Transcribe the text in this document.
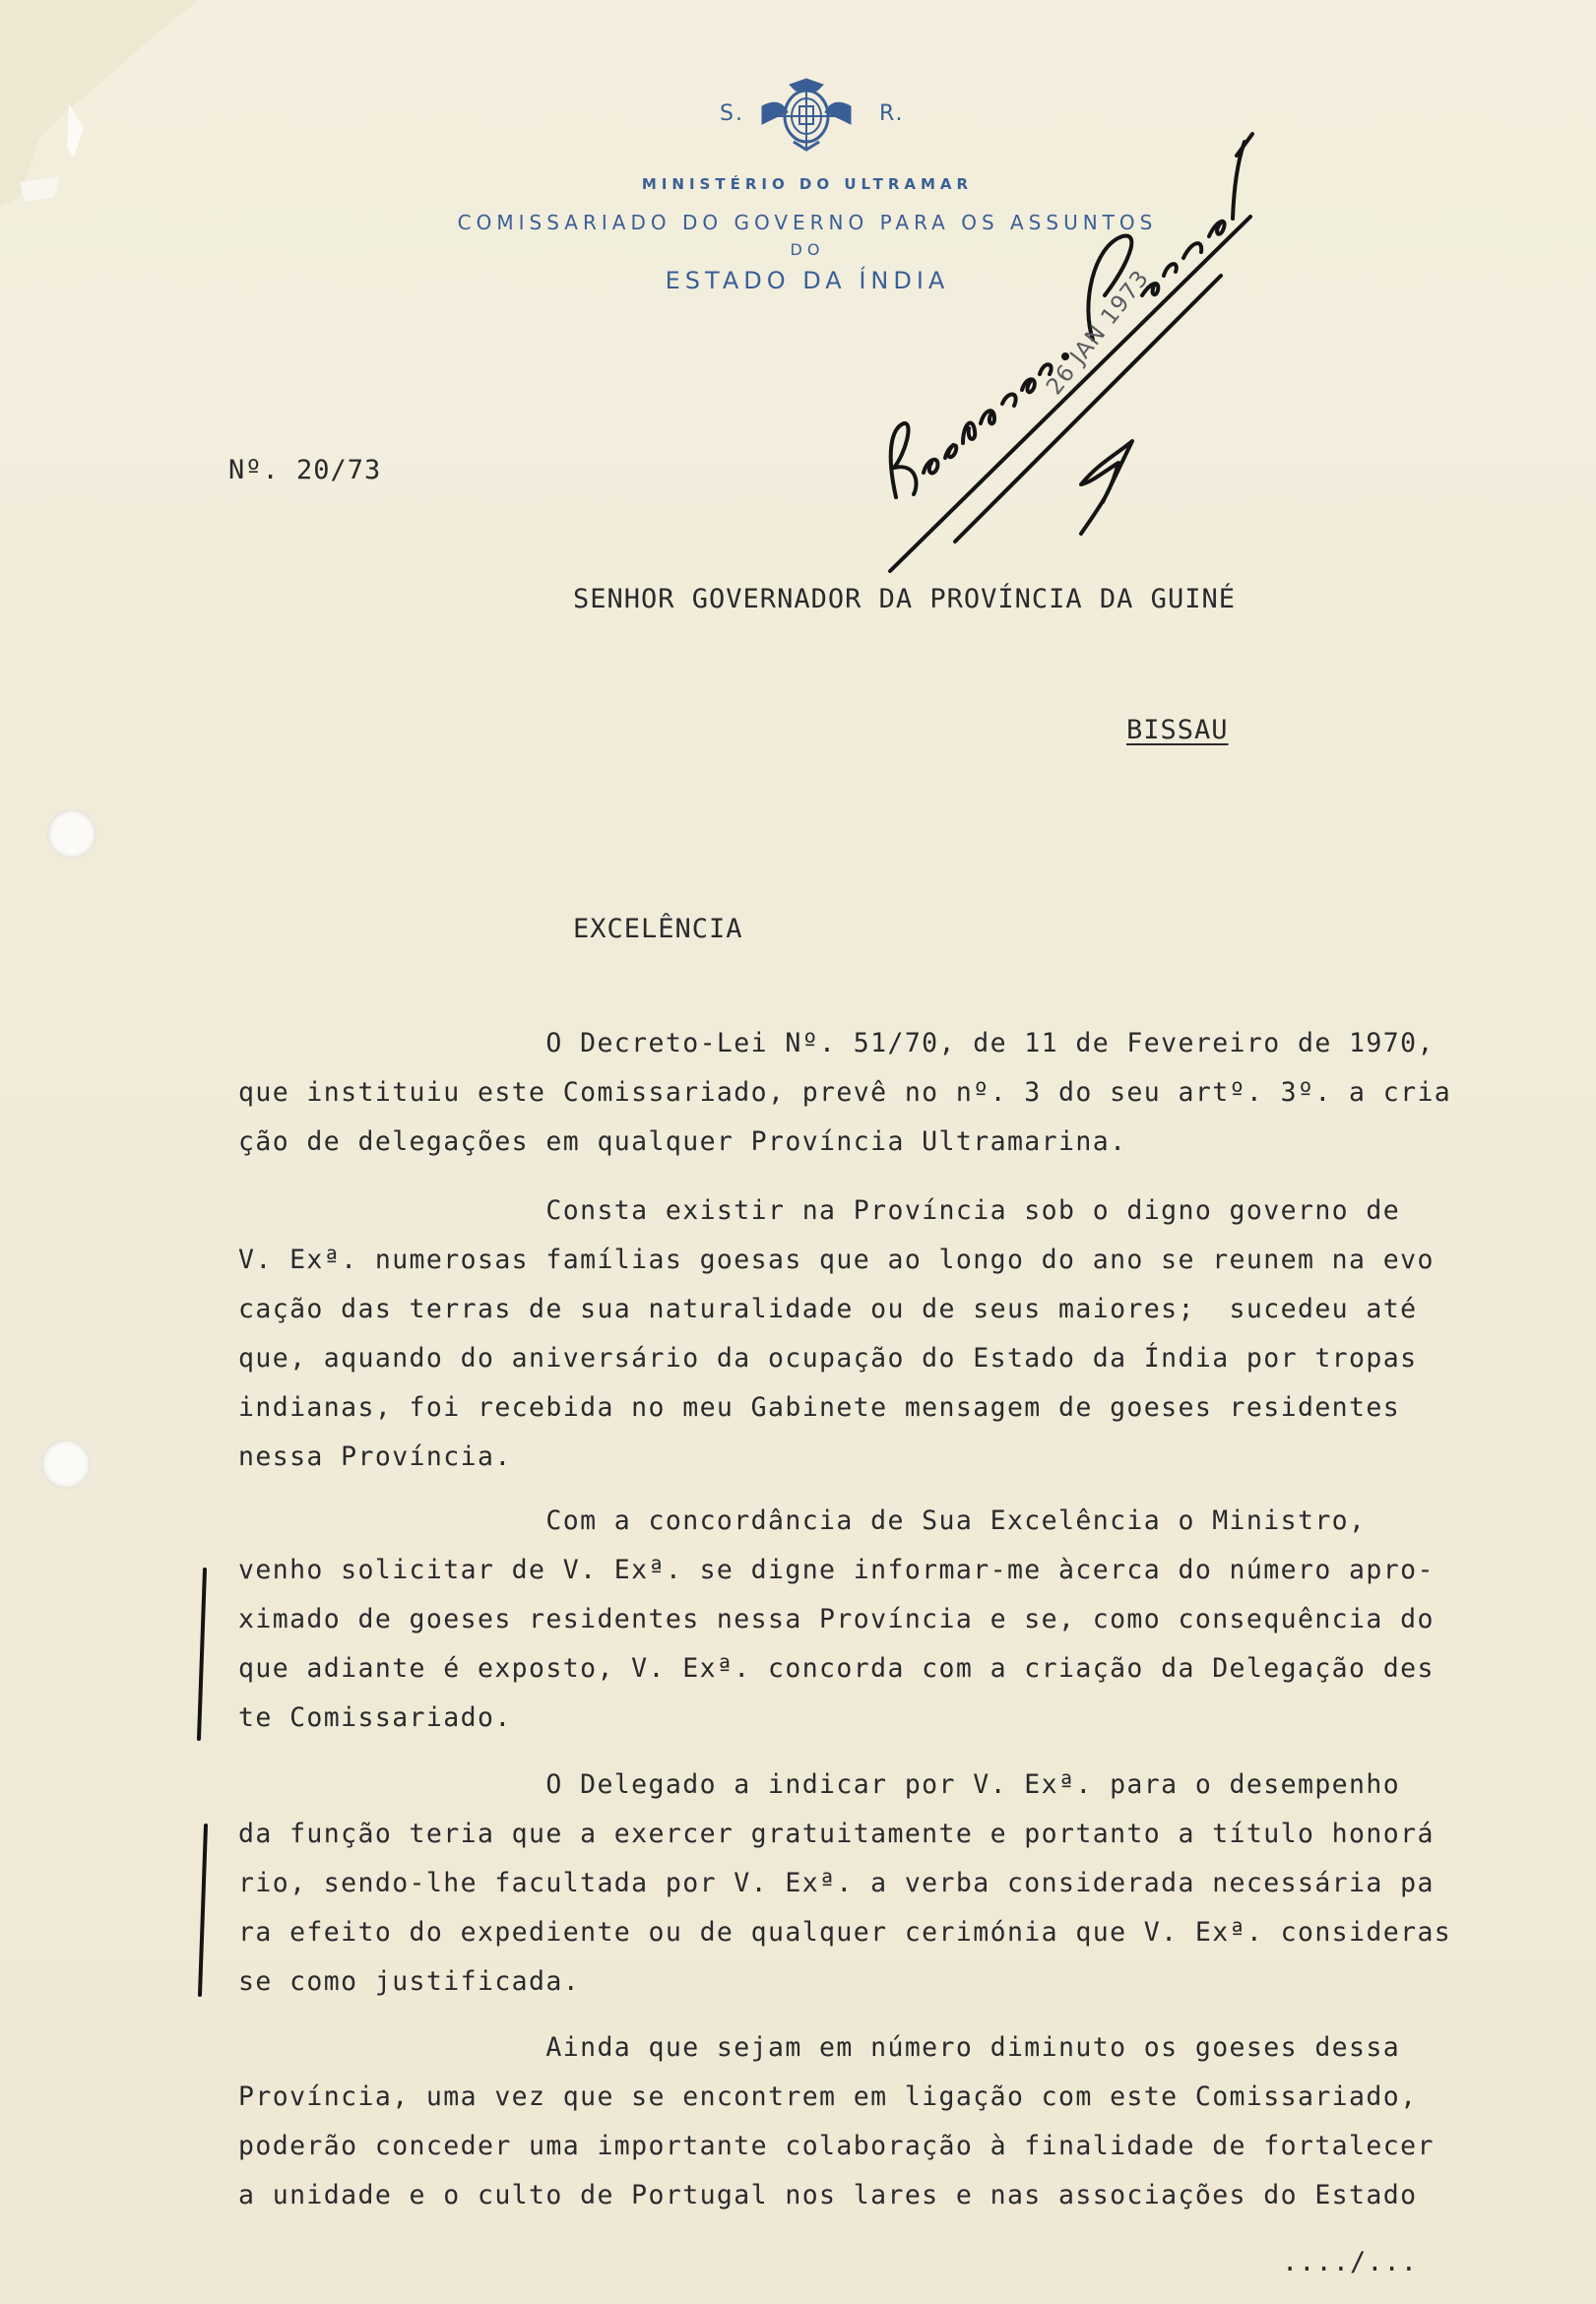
S.	R.
MINISTÉRIO DO ULTRAMAR
COMISSARIADO DO GOVERNO PARA OS ASSUNTOS
DO
ESTADO DA ÍNDIA	26 JAN 1973
Nº. 20/73
SENHOR GOVERNADOR DA PROVÍNCIA DA GUINÉ
BISSAU
EXCELÊNCIA
O Decreto-Lei Nº. 51/70, de 11 de Fevereiro de 1970,
que instituiu este Comissariado, prevê no nº. 3 do seu artº. 3º. a cria
ção de delegações em qualquer Província Ultramarina.
Consta existir na Província sob o digno governo de
V. Exª. numerosas famílias goesas que ao longo do ano se reunem na evo
cação das terras de sua naturalidade ou de seus maiores;  sucedeu até
que, aquando do aniversário da ocupação do Estado da Índia por tropas
indianas, foi recebida no meu Gabinete mensagem de goeses residentes
nessa Província.
Com a concordância de Sua Excelência o Ministro,
venho solicitar de V. Exª. se digne informar-me àcerca do número apro-
ximado de goeses residentes nessa Província e se, como consequência do
que adiante é exposto, V. Exª. concorda com a criação da Delegação des
te Comissariado.
O Delegado a indicar por V. Exª. para o desempenho
da função teria que a exercer gratuitamente e portanto a título honorá
rio, sendo-lhe facultada por V. Exª. a verba considerada necessária pa
ra efeito do expediente ou de qualquer cerimónia que V. Exª. consideras
se como justificada.
Ainda que sejam em número diminuto os goeses dessa
Província, uma vez que se encontrem em ligação com este Comissariado,
poderão conceder uma importante colaboração à finalidade de fortalecer
a unidade e o culto de Portugal nos lares e nas associações do Estado
..../...
